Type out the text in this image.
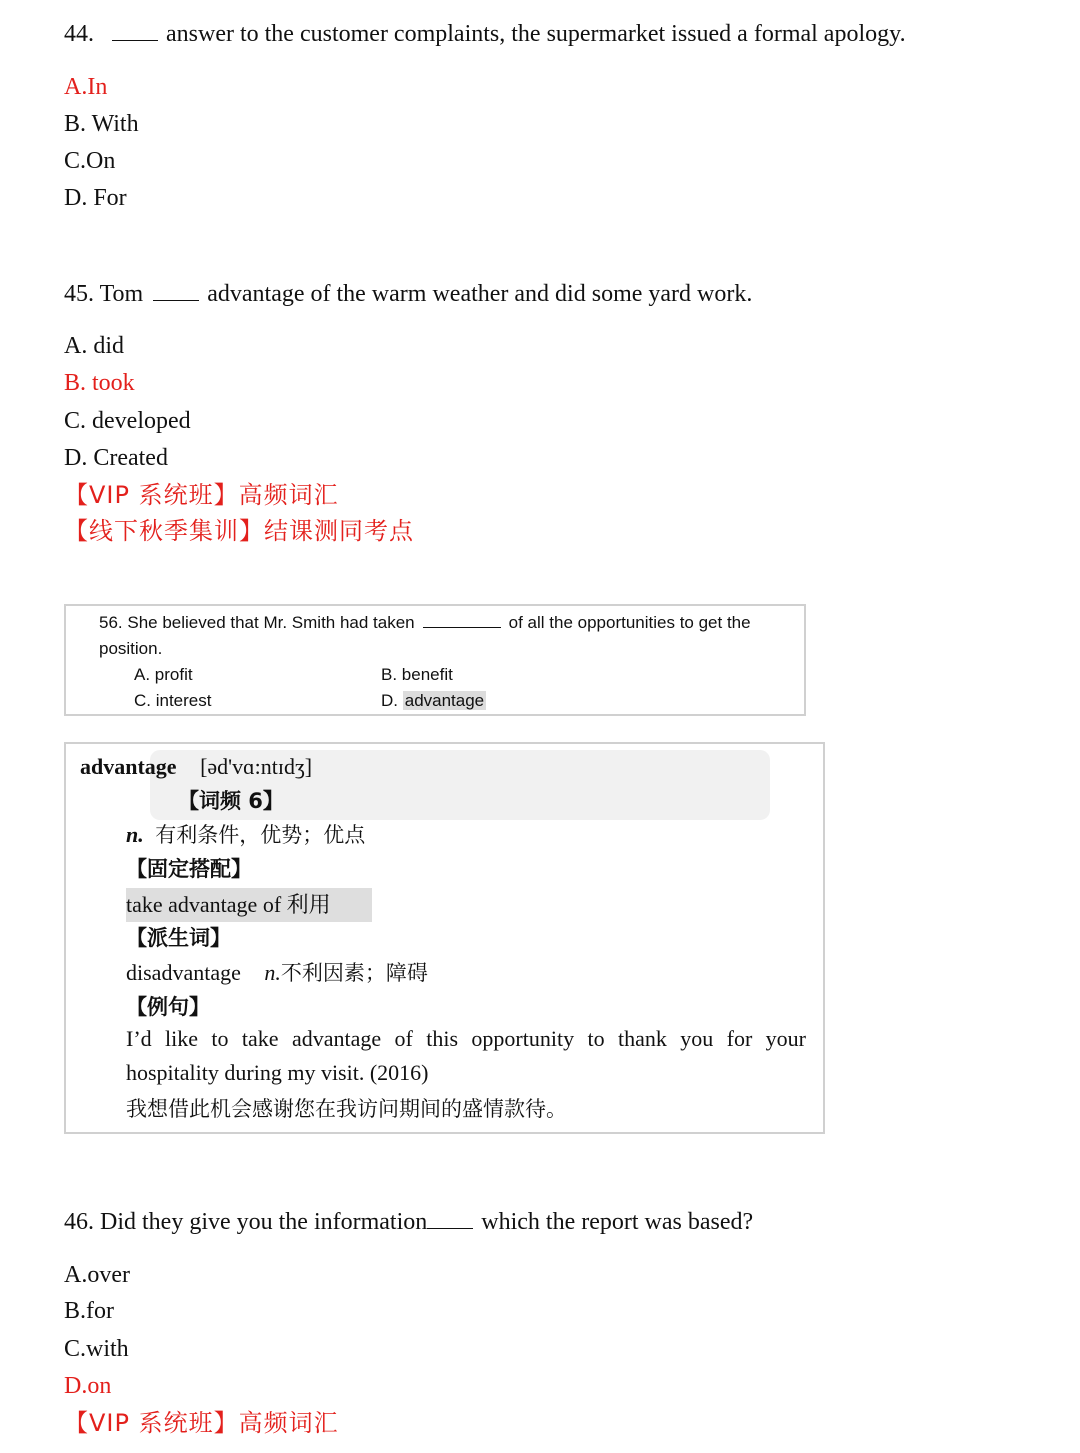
44.	answer to the customer complaints, the supermarket issued a formal apology.
A.In
B. With
C.On
D. For
45. Tom	advantage of the warm weather and did some yard work.
A. did
B. took
C. developed
D. Created
【VIP 系统班】高频词汇
【线下秋季集训】结课测同考点
56. She believed that Mr. Smith had taken	of all the opportunities to get the
position.
A. profit	B. benefit
C. interest	D. advantage
advantage [əd'vɑ:ntɪdʒ]
【词频 6】
n. 有利条件，优势；优点
【固定搭配】
take advantage of 利用
【派生词】
disadvantage n.不利因素；障碍
【例句】
I’d like to take advantage of this opportunity to thank you for your hospitality during my visit. (2016)
我想借此机会感谢您在我访问期间的盛情款待。
46. Did they give you the information which the report was based?
A.over
B.for
C.with
D.on
【VIP 系统班】高频词汇
